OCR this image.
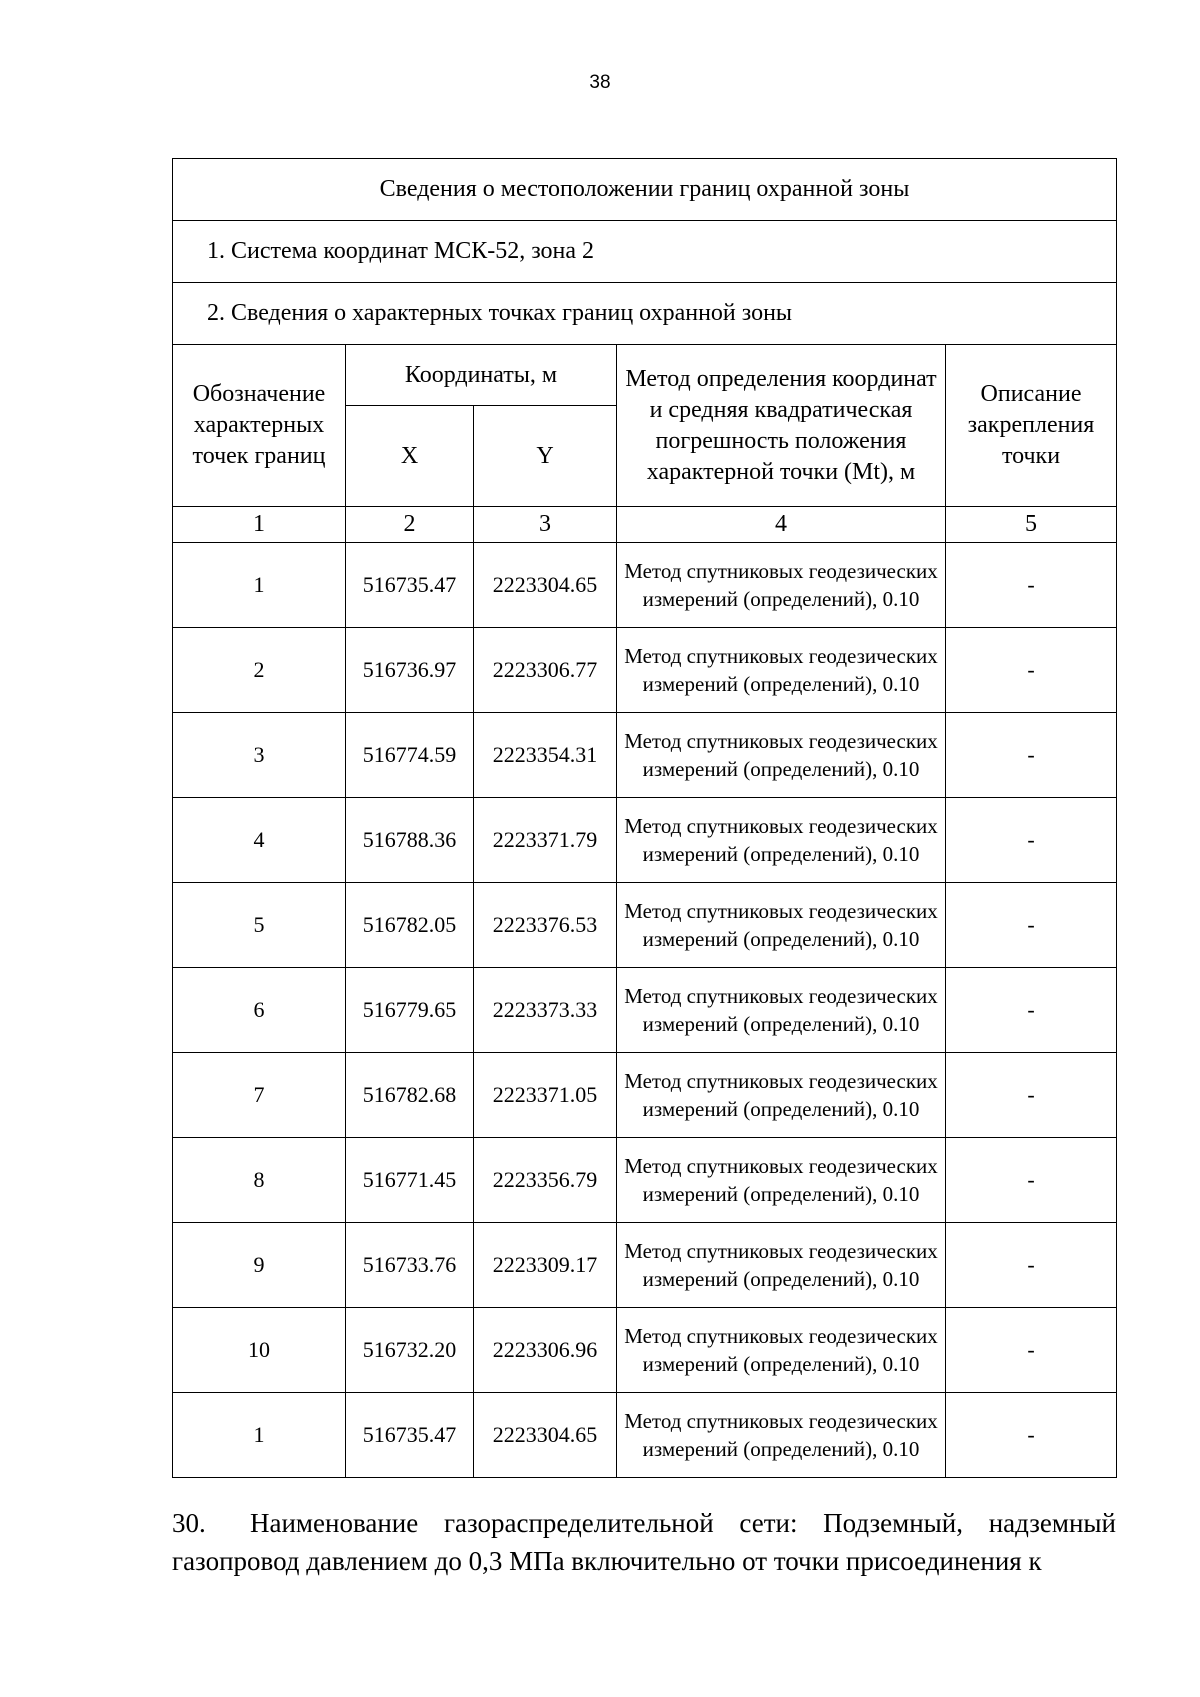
38
Сведения о местоположении границ охранной зоны				
1. Система координат МСК-52, зона 2				
2. Сведения о характерных точках границ охранной зоны				
Обозначение характерных точек границ	Координаты, м		Метод определения координат и средняя квадратическая погрешность положения характерной точки (Mt), м	Описание закрепления точки
	X	Y		
1	2	3	4	5
1	516735.47	2223304.65	Метод спутниковых геодезических измерений (определений), 0.10	-
2	516736.97	2223306.77	Метод спутниковых геодезических измерений (определений), 0.10	-
3	516774.59	2223354.31	Метод спутниковых геодезических измерений (определений), 0.10	-
4	516788.36	2223371.79	Метод спутниковых геодезических измерений (определений), 0.10	-
5	516782.05	2223376.53	Метод спутниковых геодезических измерений (определений), 0.10	-
6	516779.65	2223373.33	Метод спутниковых геодезических измерений (определений), 0.10	-
7	516782.68	2223371.05	Метод спутниковых геодезических измерений (определений), 0.10	-
8	516771.45	2223356.79	Метод спутниковых геодезических измерений (определений), 0.10	-
9	516733.76	2223309.17	Метод спутниковых геодезических измерений (определений), 0.10	-
10	516732.20	2223306.96	Метод спутниковых геодезических измерений (определений), 0.10	-
1	516735.47	2223304.65	Метод спутниковых геодезических измерений (определений), 0.10	-
30. Наименование газораспределительной сети: Подземный, надземный газопровод давлением до 0,3 МПа включительно от точки присоединения к
